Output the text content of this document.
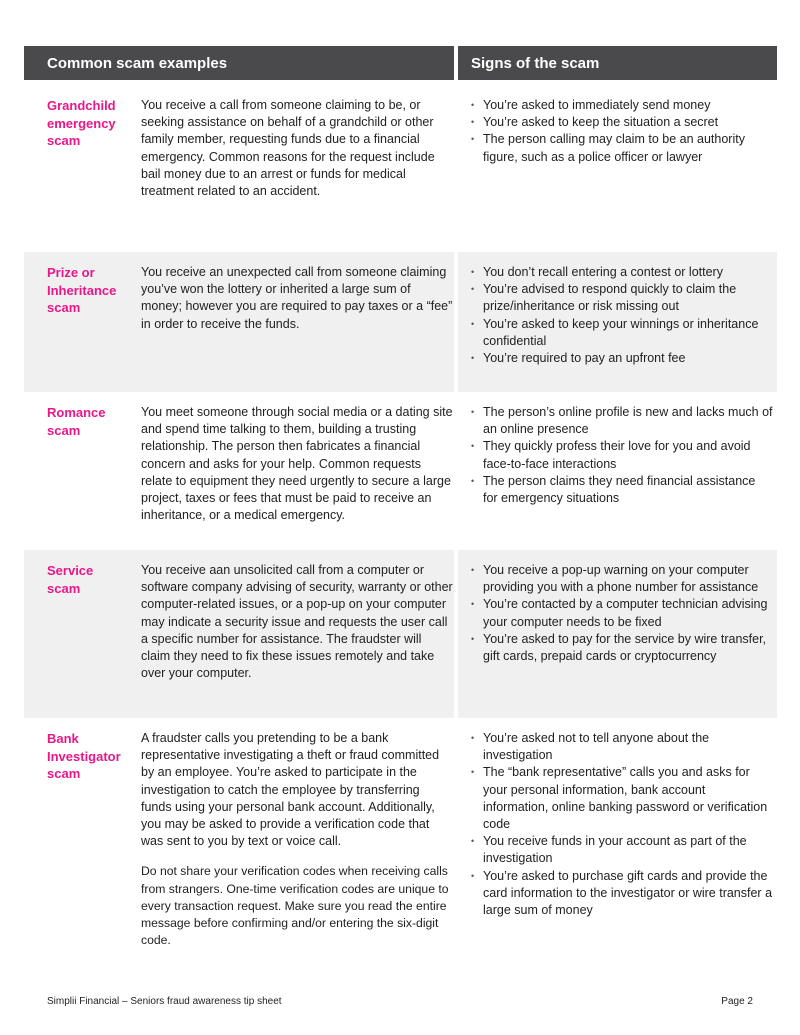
Common scam examples	Signs of the scam
Grandchild
emergency
scam

You receive a call from someone claiming to be, or seeking assistance on behalf of a grandchild or other family member, requesting funds due to a financial emergency. Common reasons for the request include bail money due to an arrest or funds for medical treatment related to an accident.

• You’re asked to immediately send money
• You’re asked to keep the situation a secret
• The person calling may claim to be an authority figure, such as a police officer or lawyer
Prize or
Inheritance
scam

You receive an unexpected call from someone claiming you’ve won the lottery or inherited a large sum of money; however you are required to pay taxes or a “fee” in order to receive the funds.

• You don’t recall entering a contest or lottery
• You’re advised to respond quickly to claim the prize/inheritance or risk missing out
• You’re asked to keep your winnings or inheritance confidential
• You’re required to pay an upfront fee
Romance
scam

You meet someone through social media or a dating site and spend time talking to them, building a trusting relationship. The person then fabricates a financial concern and asks for your help. Common requests relate to equipment they need urgently to secure a large project, taxes or fees that must be paid to receive an inheritance, or a medical emergency.

• The person’s online profile is new and lacks much of an online presence
• They quickly profess their love for you and avoid face-to-face interactions
• The person claims they need financial assistance for emergency situations
Service
scam

You receive aan unsolicited call from a computer or software company advising of security, warranty or other computer-related issues, or a pop-up on your computer may indicate a security issue and requests the user call a specific number for assistance. The fraudster will claim they need to fix these issues remotely and take over your computer.

• You receive a pop-up warning on your computer providing you with a phone number for assistance
• You’re contacted by a computer technician advising your computer needs to be fixed
• You’re asked to pay for the service by wire transfer, gift cards, prepaid cards or cryptocurrency
Bank
Investigator
scam

A fraudster calls you pretending to be a bank representative investigating a theft or fraud committed by an employee. You’re asked to participate in the investigation to catch the employee by transferring funds using your personal bank account. Additionally, you may be asked to provide a verification code that was sent to you by text or voice call.

Do not share your verification codes when receiving calls from strangers. One-time verification codes are unique to every transaction request. Make sure you read the entire message before confirming and/or entering the six-digit code.

• You’re asked not to tell anyone about the investigation
• The “bank representative” calls you and asks for your personal information, bank account information, online banking password or verification code
• You receive funds in your account as part of the investigation
• You’re asked to purchase gift cards and provide the card information to the investigator or wire transfer a large sum of money
Simplii Financial – Seniors fraud awareness tip sheet	Page 2
